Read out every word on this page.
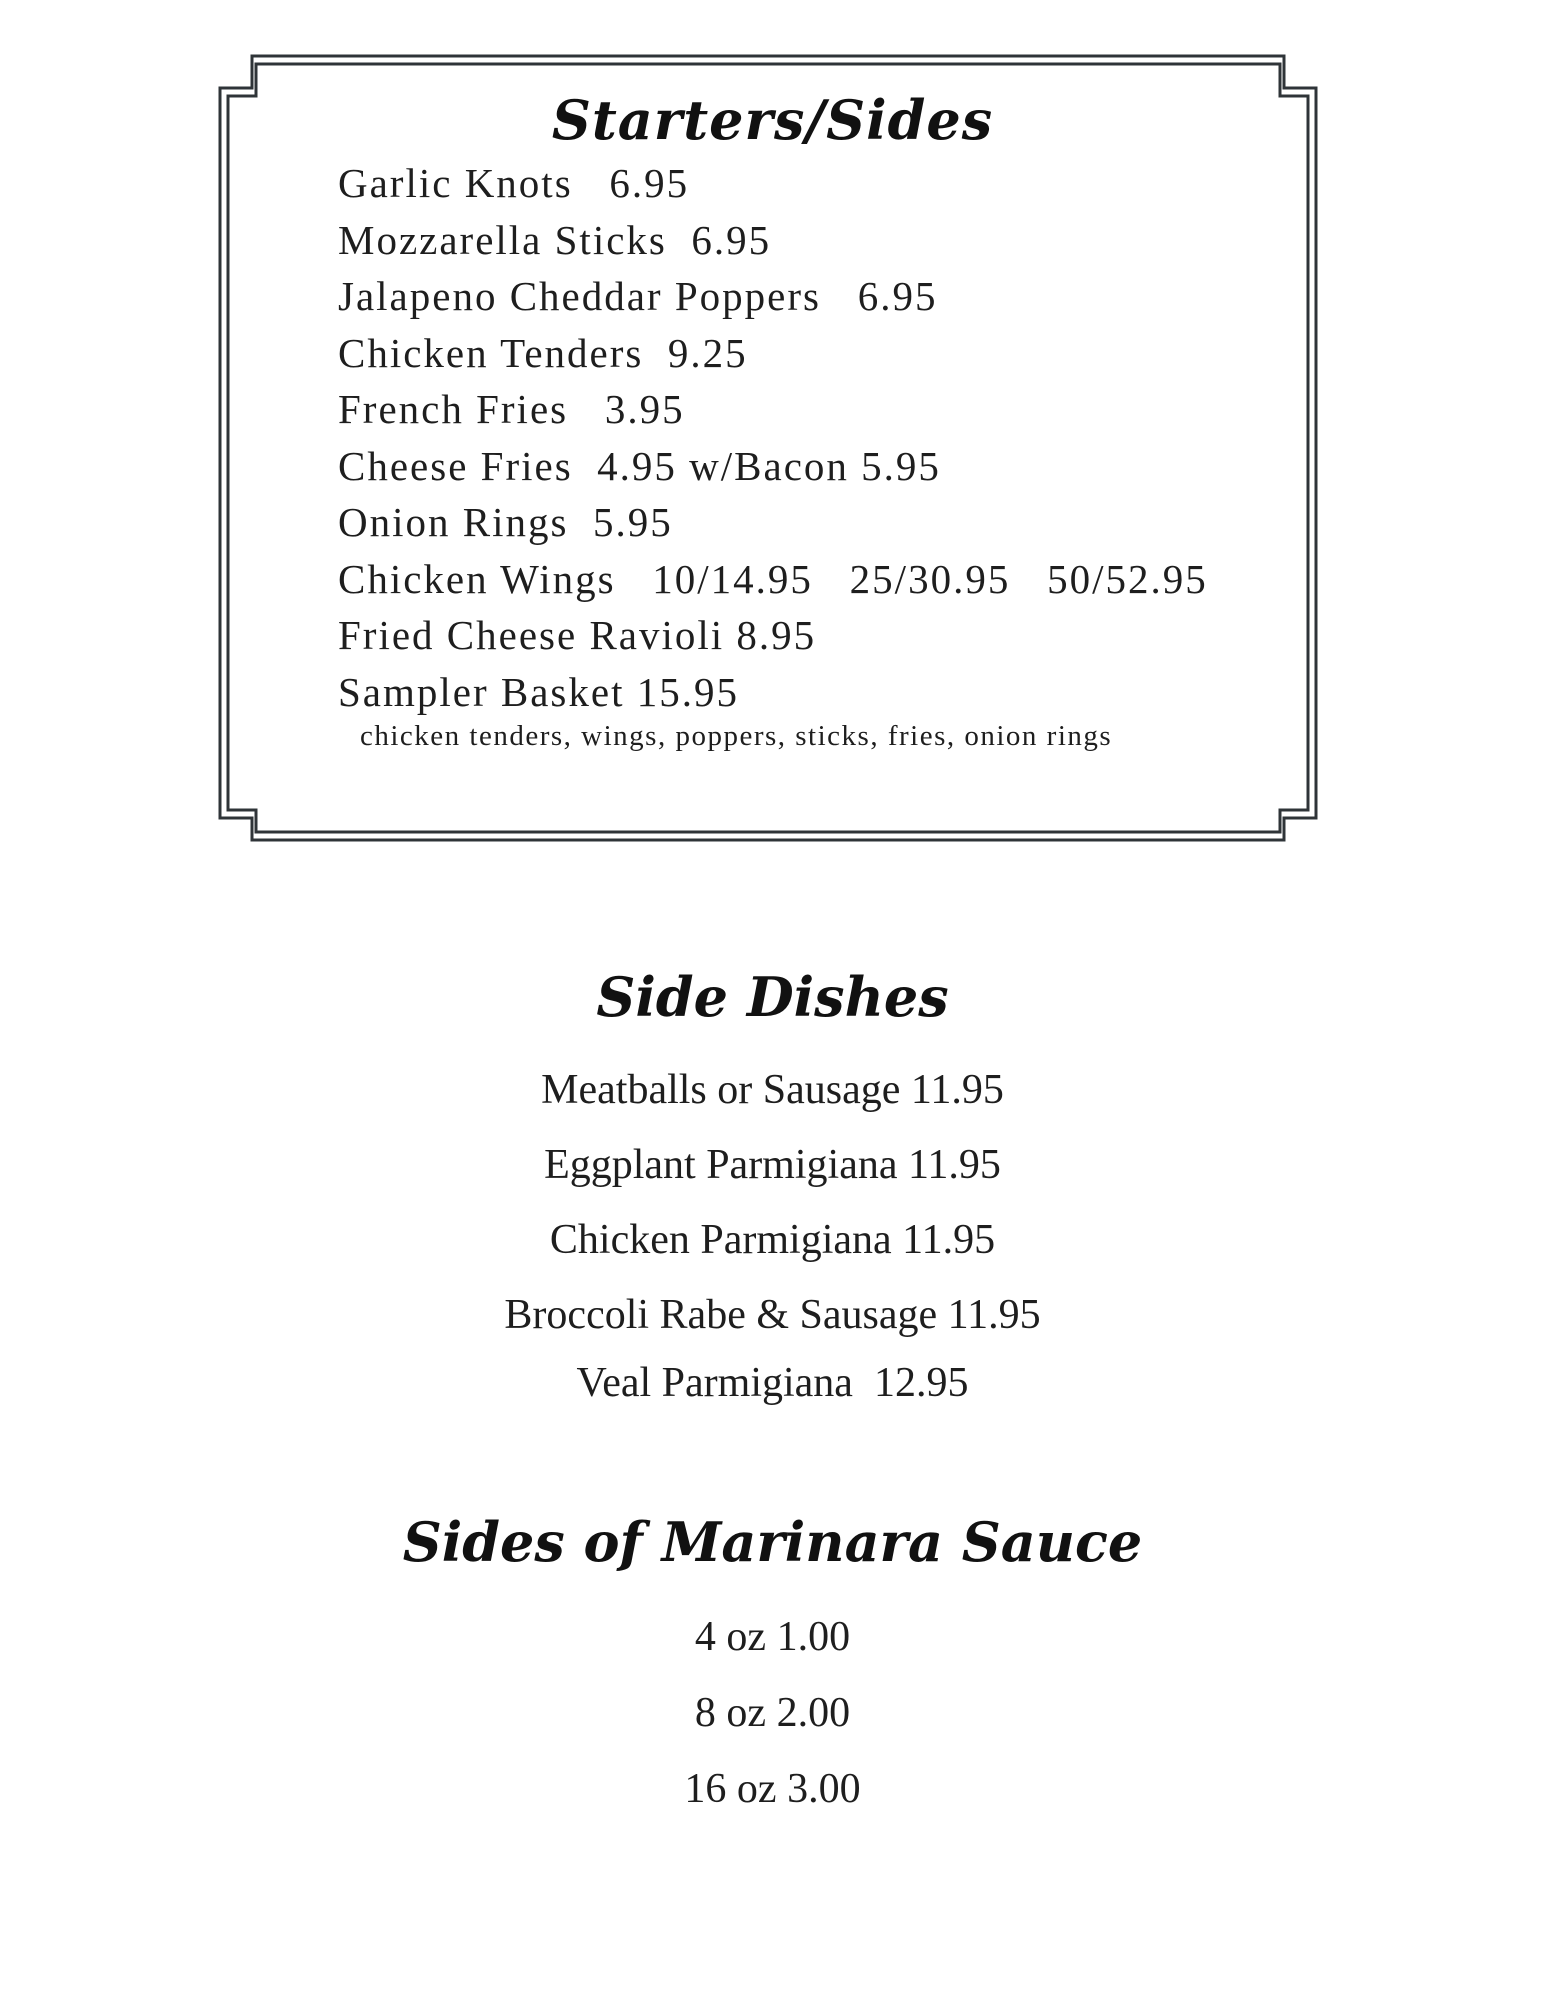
Starters/Sides
Garlic Knots   6.95
Mozzarella Sticks  6.95
Jalapeno Cheddar Poppers   6.95
Chicken Tenders  9.25
French Fries   3.95
Cheese Fries  4.95 w/Bacon 5.95
Onion Rings  5.95
Chicken Wings   10/14.95   25/30.95   50/52.95
Fried Cheese Ravioli 8.95
Sampler Basket 15.95
chicken tenders, wings, poppers, sticks, fries, onion rings
Side Dishes
Meatballs or Sausage 11.95
Eggplant Parmigiana 11.95
Chicken Parmigiana 11.95
Broccoli Rabe & Sausage 11.95
Veal Parmigiana  12.95
Sides of Marinara Sauce
4 oz 1.00
8 oz 2.00
16 oz 3.00
